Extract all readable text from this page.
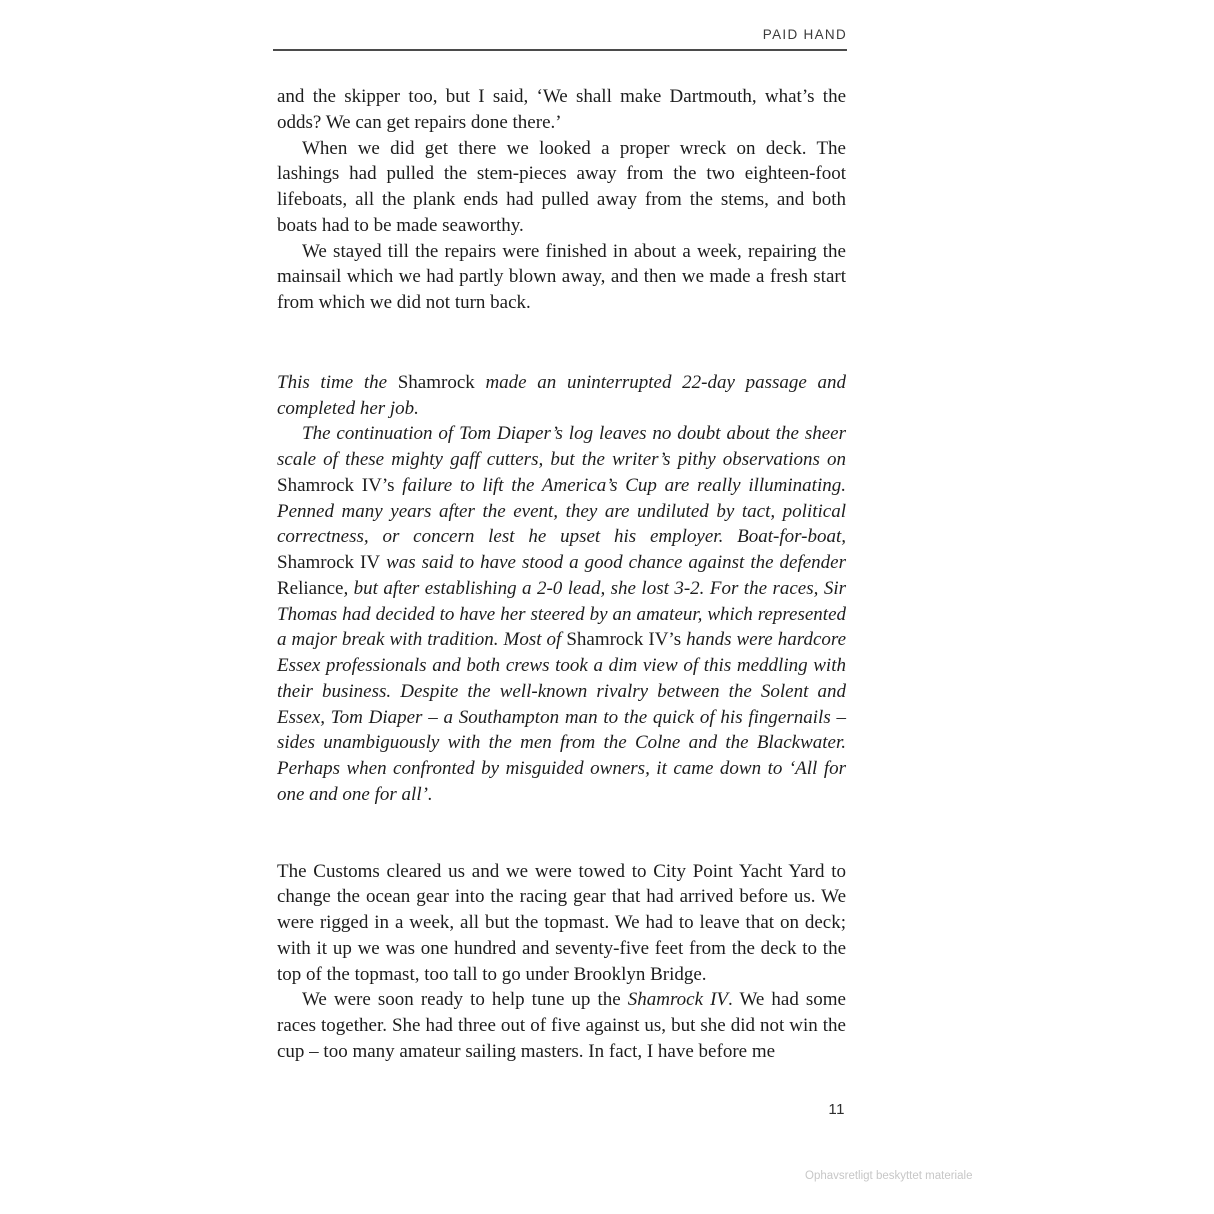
PAID HAND

and the skipper too, but I said, ‘We shall make Dartmouth, what’s the odds? We can get repairs done there.’

When we did get there we looked a proper wreck on deck. The lashings had pulled the stem-pieces away from the two eighteen-foot lifeboats, all the plank ends had pulled away from the stems, and both boats had to be made seaworthy.

We stayed till the repairs were finished in about a week, repairing the mainsail which we had partly blown away, and then we made a fresh start from which we did not turn back.

This time the Shamrock made an uninterrupted 22-day passage and completed her job.

The continuation of Tom Diaper’s log leaves no doubt about the sheer scale of these mighty gaff cutters, but the writer’s pithy observations on Shamrock IV’s failure to lift the America’s Cup are really illuminating. Penned many years after the event, they are undiluted by tact, political correctness, or concern lest he upset his employer. Boat-for-boat, Shamrock IV was said to have stood a good chance against the defender Reliance, but after establishing a 2-0 lead, she lost 3-2. For the races, Sir Thomas had decided to have her steered by an amateur, which represented a major break with tradition. Most of Shamrock IV’s hands were hardcore Essex professionals and both crews took a dim view of this meddling with their business. Despite the well-known rivalry between the Solent and Essex, Tom Diaper – a Southampton man to the quick of his fingernails – sides unambiguously with the men from the Colne and the Blackwater. Perhaps when confronted by misguided owners, it came down to ‘All for one and one for all’.

The Customs cleared us and we were towed to City Point Yacht Yard to change the ocean gear into the racing gear that had arrived before us. We were rigged in a week, all but the topmast. We had to leave that on deck; with it up we was one hundred and seventy-five feet from the deck to the top of the topmast, too tall to go under Brooklyn Bridge.

We were soon ready to help tune up the Shamrock IV. We had some races together. She had three out of five against us, but she did not win the cup – too many amateur sailing masters. In fact, I have before me

11
Ophavsretligt beskyttet materiale
